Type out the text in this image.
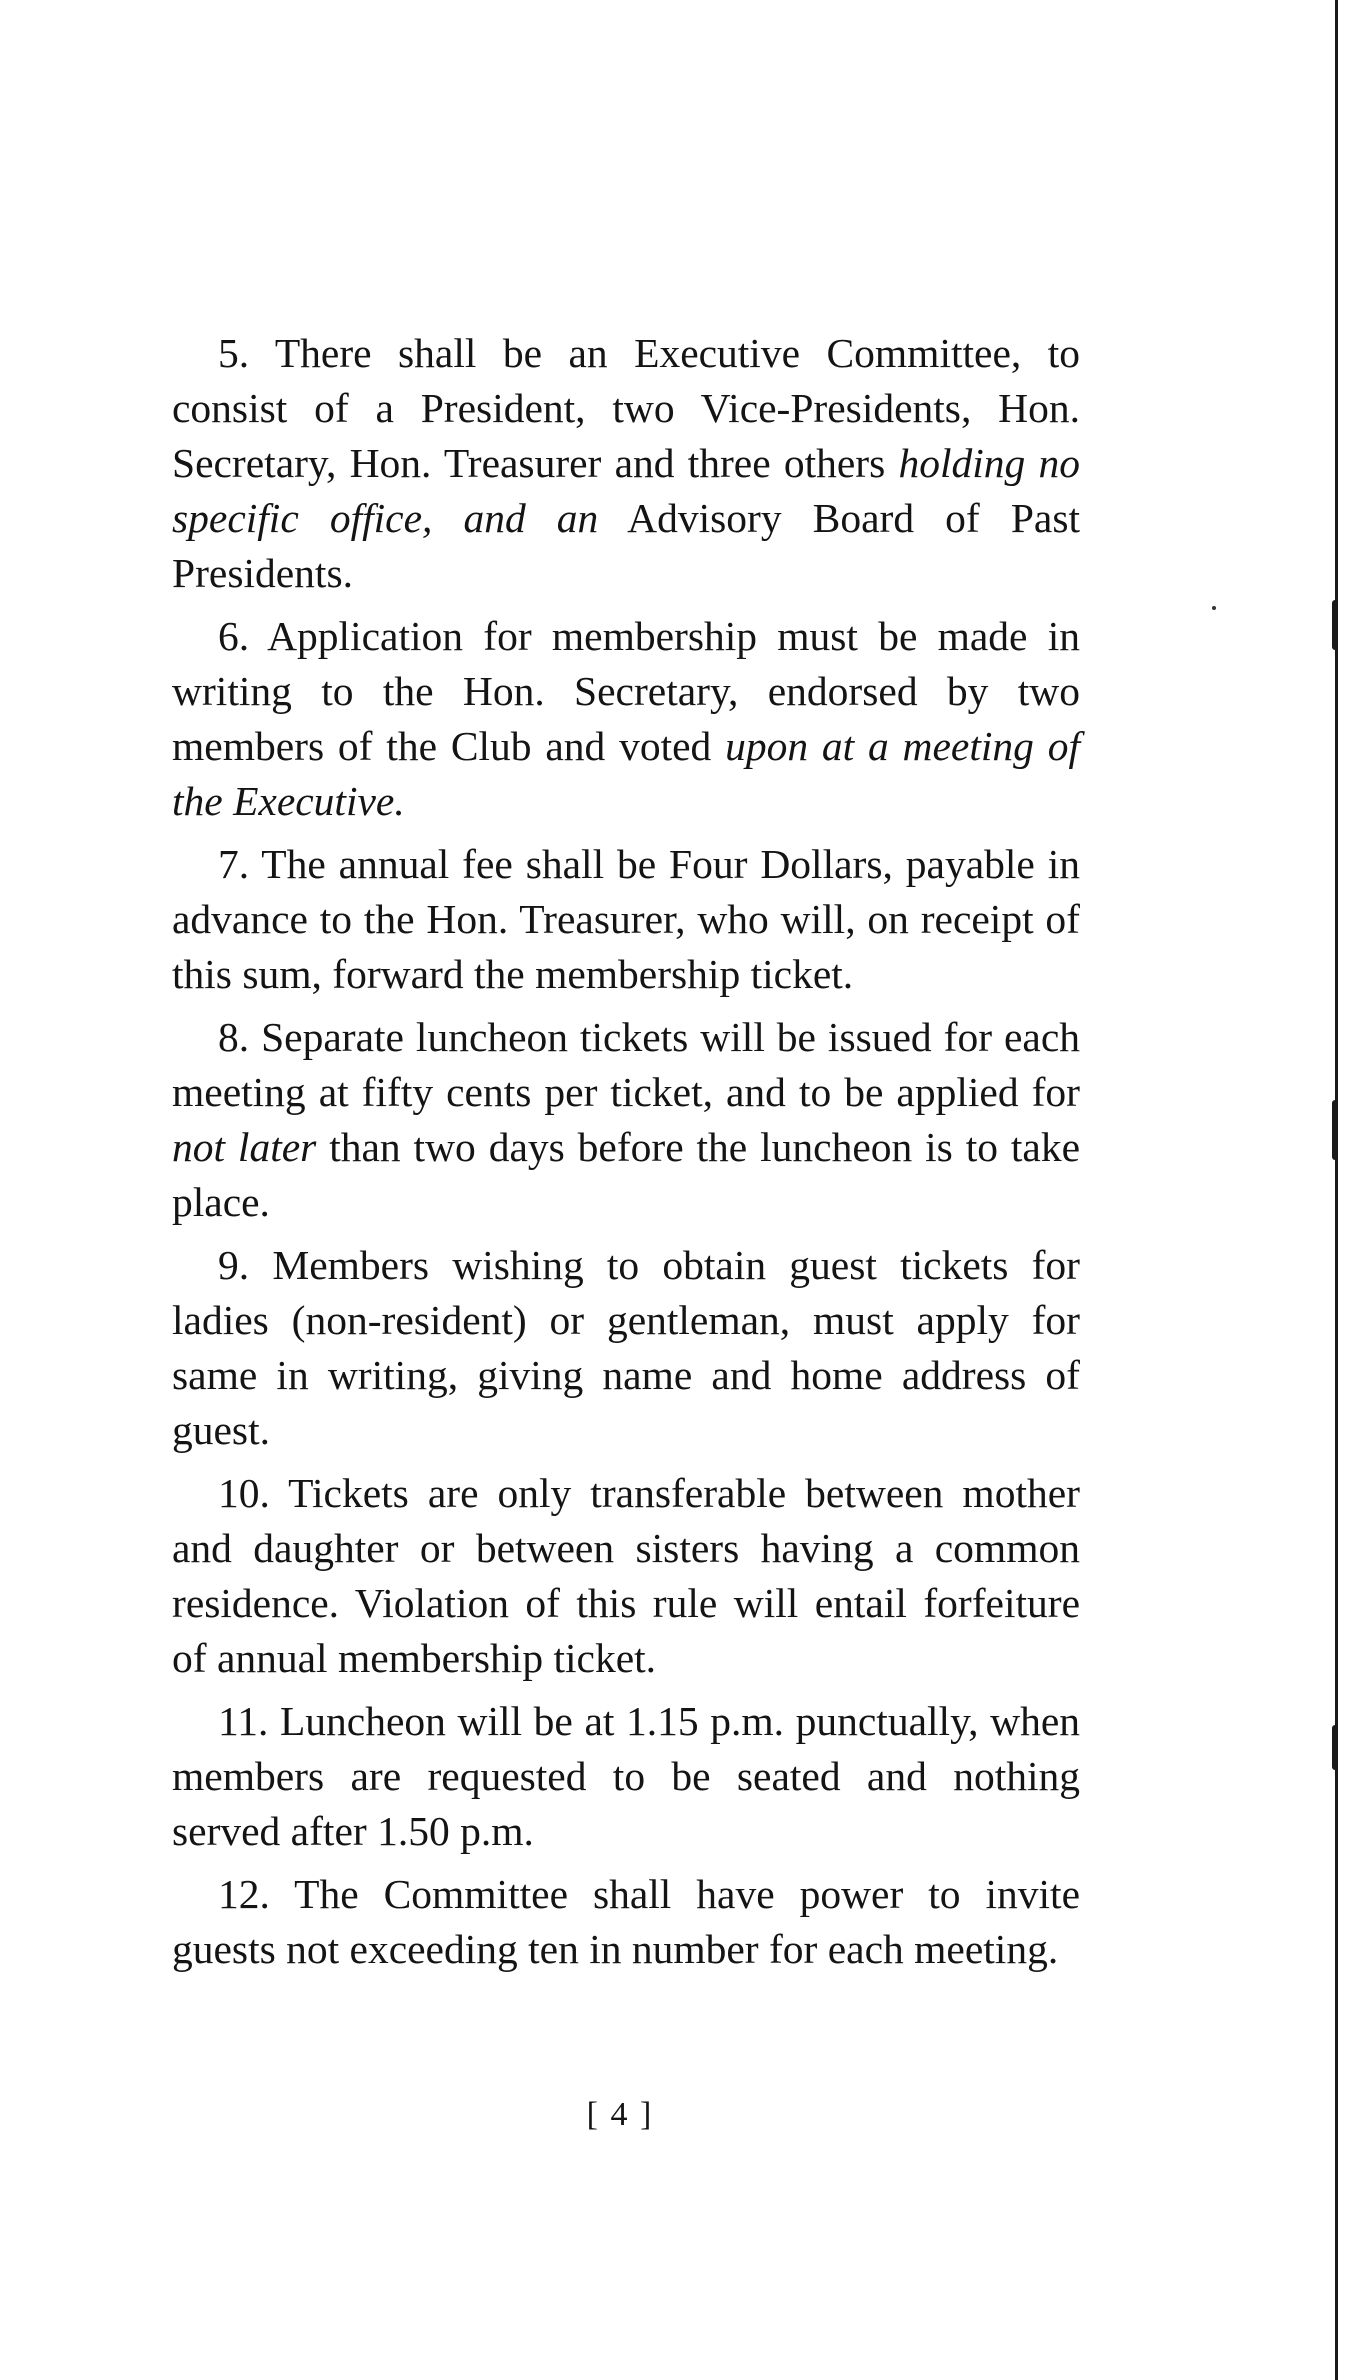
5. There shall be an Executive Committee, to consist of a President, two Vice-Presidents, Hon. Secretary, Hon. Treasurer and three others holding no specific office, and an Advisory Board of Past Presidents.

6. Application for membership must be made in writing to the Hon. Secretary, endorsed by two members of the Club and voted upon at a meeting of the Executive.

7. The annual fee shall be Four Dollars, payable in advance to the Hon. Treasurer, who will, on receipt of this sum, forward the membership ticket.

8. Separate luncheon tickets will be issued for each meeting at fifty cents per ticket, and to be applied for not later than two days before the luncheon is to take place.

9. Members wishing to obtain guest tickets for ladies (non-resident) or gentleman, must apply for same in writing, giving name and home address of guest.

10. Tickets are only transferable between mother and daughter or between sisters having a common residence. Violation of this rule will entail forfeiture of annual membership ticket.

11. Luncheon will be at 1.15 p.m. punctually, when members are requested to be seated and nothing served after 1.50 p.m.

12. The Committee shall have power to invite guests not exceeding ten in number for each meeting.

[ 4 ]
